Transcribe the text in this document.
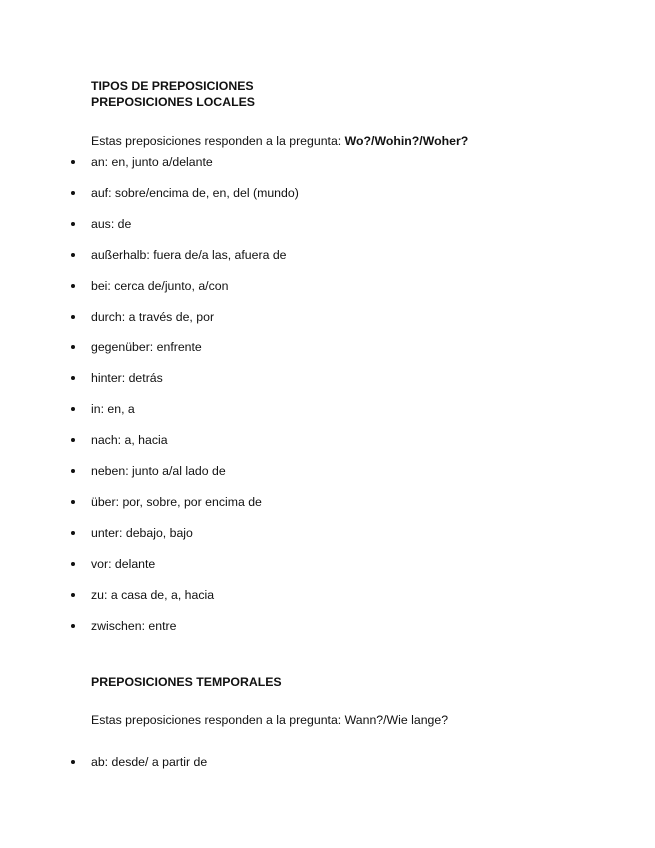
TIPOS DE PREPOSICIONES
PREPOSICIONES LOCALES
Estas preposiciones responden a la pregunta: Wo?/Wohin?/Woher?
an: en, junto a/delante
auf: sobre/encima de, en, del (mundo)
aus: de
außerhalb: fuera de/a las, afuera de
bei: cerca de/junto, a/con
durch: a través de, por
gegenüber: enfrente
hinter: detrás
in: en, a
nach: a, hacia
neben: junto a/al lado de
über: por, sobre, por encima de
unter: debajo, bajo
vor: delante
zu: a casa de, a, hacia
zwischen: entre
PREPOSICIONES TEMPORALES
Estas preposiciones responden a la pregunta: Wann?/Wie lange?
ab: desde/ a partir de
